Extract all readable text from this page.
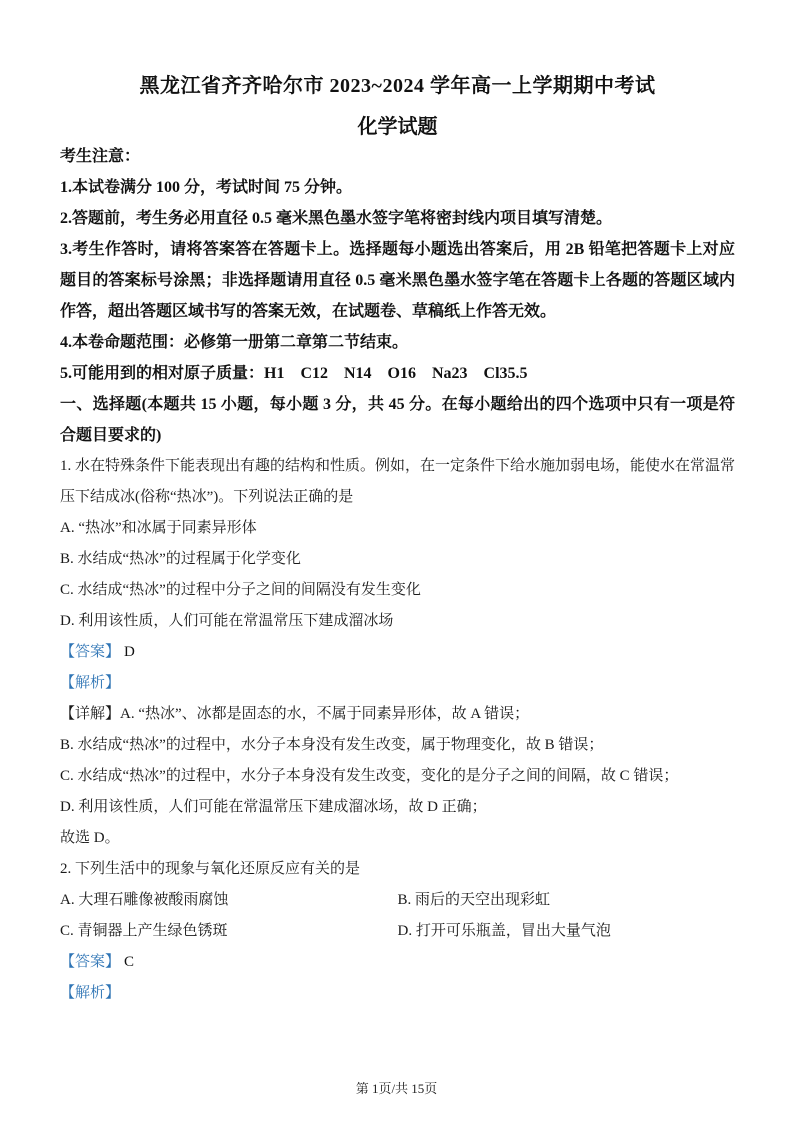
黑龙江省齐齐哈尔市 2023~2024 学年高一上学期期中考试
化学试题
考生注意：
1.本试卷满分 100 分，考试时间 75 分钟。
2.答题前，考生务必用直径 0.5 毫米黑色墨水签字笔将密封线内项目填写清楚。
3.考生作答时，请将答案答在答题卡上。选择题每小题选出答案后，用 2B 铅笔把答题卡上对应题目的答案标号涂黑；非选择题请用直径 0.5 毫米黑色墨水签字笔在答题卡上各题的答题区域内作答，超出答题区域书写的答案无效，在试题卷、草稿纸上作答无效。
4.本卷命题范围：必修第一册第二章第二节结束。
5.可能用到的相对原子质量：H1　C12　N14　O16　Na23　Cl35.5
一、选择题(本题共 15 小题，每小题 3 分，共 45 分。在每小题给出的四个选项中只有一项是符合题目要求的)
1. 水在特殊条件下能表现出有趣的结构和性质。例如，在一定条件下给水施加弱电场，能使水在常温常压下结成冰(俗称“热冰”)。下列说法正确的是
A. “热冰”和冰属于同素异形体
B. 水结成“热冰”的过程属于化学变化
C. 水结成“热冰”的过程中分子之间的间隔没有发生变化
D. 利用该性质，人们可能在常温常压下建成溜冰场
【答案】 D
【解析】
【详解】A. “热冰”、冰都是固态的水，不属于同素异形体，故 A 错误；
B. 水结成“热冰”的过程中，水分子本身没有发生改变，属于物理变化，故 B 错误；
C. 水结成“热冰”的过程中，水分子本身没有发生改变，变化的是分子之间的间隔，故 C 错误；
D. 利用该性质，人们可能在常温常压下建成溜冰场，故 D 正确；
故选 D。
2. 下列生活中的现象与氧化还原反应有关的是
A. 大理石雕像被酸雨腐蚀	B. 雨后的天空出现彩虹
C. 青铜器上产生绿色锈斑	D. 打开可乐瓶盖，冒出大量气泡
【答案】 C
【解析】
第 1页/共 15页
